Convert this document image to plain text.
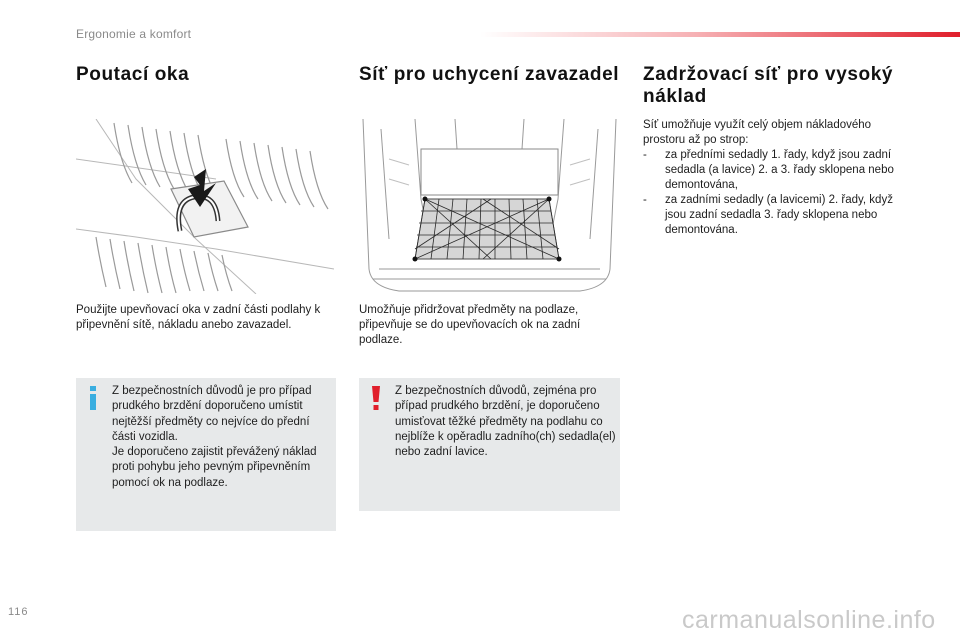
Ergonomie a komfort
Poutací oka	Síť pro uchycení zavazadel Zadržovací síť pro vysoký náklad

Použijte upevňovací oka v zadní části podlahy k připevnění sítě, nákladu anebo zavazadel.

Umožňuje přidržovat předměty na podlaze, připevňuje se do upevňovacích ok na zadní podlaze.

Síť umožňuje využít celý objem nákladového prostoru až po strop:
-	za předními sedadly 1. řady, když jsou zadní sedadla (a lavice) 2. a 3. řady sklopena nebo demontována,
-	za zadními sedadly (a lavicemi) 2. řady, když jsou zadní sedadla 3. řady sklopena nebo demontována.
Z bezpečnostních důvodů je pro případ prudkého brzdění doporučeno umístit nejtěžší předměty co nejvíce do přední části vozidla.
Je doporučeno zajistit převážený náklad proti pohybu jeho pevným připevněním pomocí ok na podlaze.
Z bezpečnostních důvodů, zejména pro případ prudkého brzdění, je doporučeno umisťovat těžké předměty na podlahu co nejblíže k opěradlu zadního(ch) sedadla(el) nebo zadní lavice.
116	carmanualsonline.info
